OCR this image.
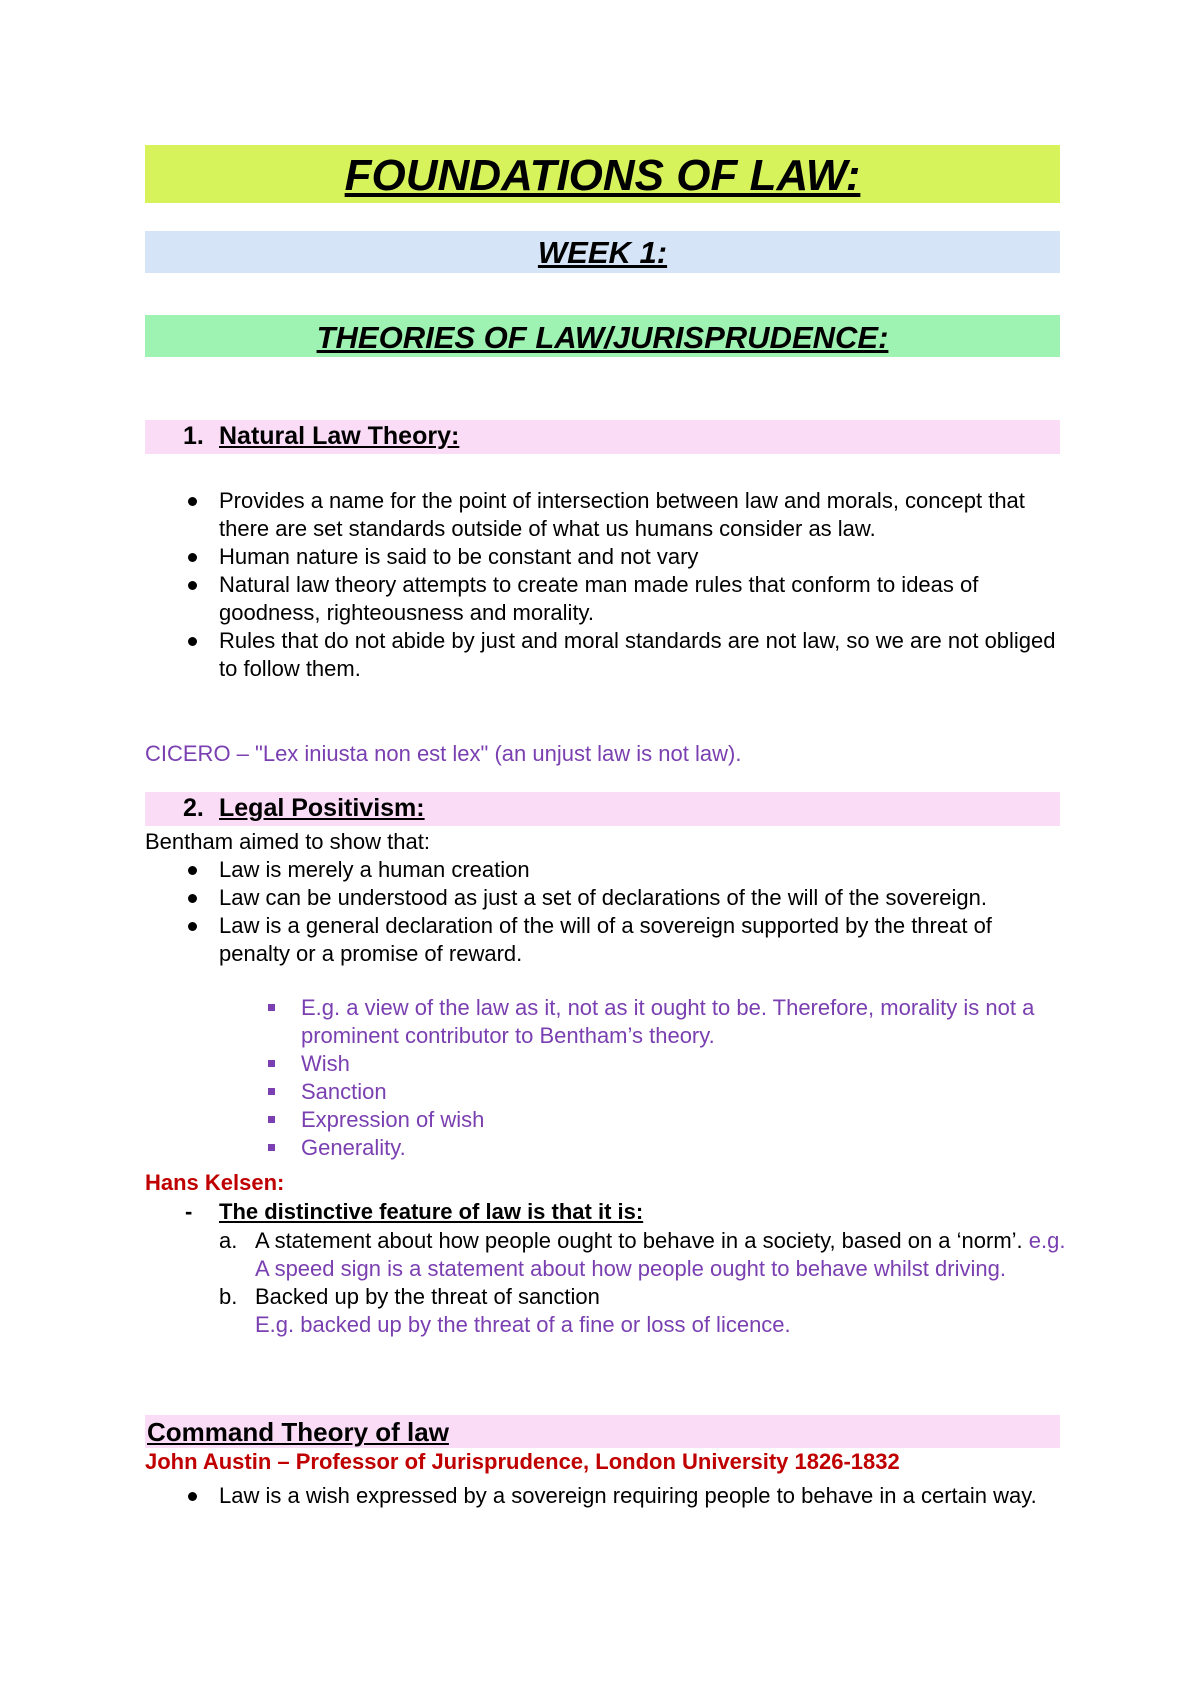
FOUNDATIONS OF LAW:
WEEK 1:
THEORIES OF LAW/JURISPRUDENCE:
1. Natural Law Theory:
Provides a name for the point of intersection between law and morals, concept that there are set standards outside of what us humans consider as law.
Human nature is said to be constant and not vary
Natural law theory attempts to create man made rules that conform to ideas of goodness, righteousness and morality.
Rules that do not abide by just and moral standards are not law, so we are not obliged to follow them.
CICERO – "Lex iniusta non est lex" (an unjust law is not law).
2. Legal Positivism:
Bentham aimed to show that:
Law is merely a human creation
Law can be understood as just a set of declarations of the will of the sovereign.
Law is a general declaration of the will of a sovereign supported by the threat of penalty or a promise of reward.
E.g. a view of the law as it, not as it ought to be. Therefore, morality is not a prominent contributor to Bentham’s theory.
Wish
Sanction
Expression of wish
Generality.
Hans Kelsen:
- The distinctive feature of law is that it is:
a. A statement about how people ought to behave in a society, based on a ‘norm’. e.g. A speed sign is a statement about how people ought to behave whilst driving.
b. Backed up by the threat of sanction
E.g. backed up by the threat of a fine or loss of licence.
Command Theory of law
John Austin – Professor of Jurisprudence, London University 1826-1832
Law is a wish expressed by a sovereign requiring people to behave in a certain way.
